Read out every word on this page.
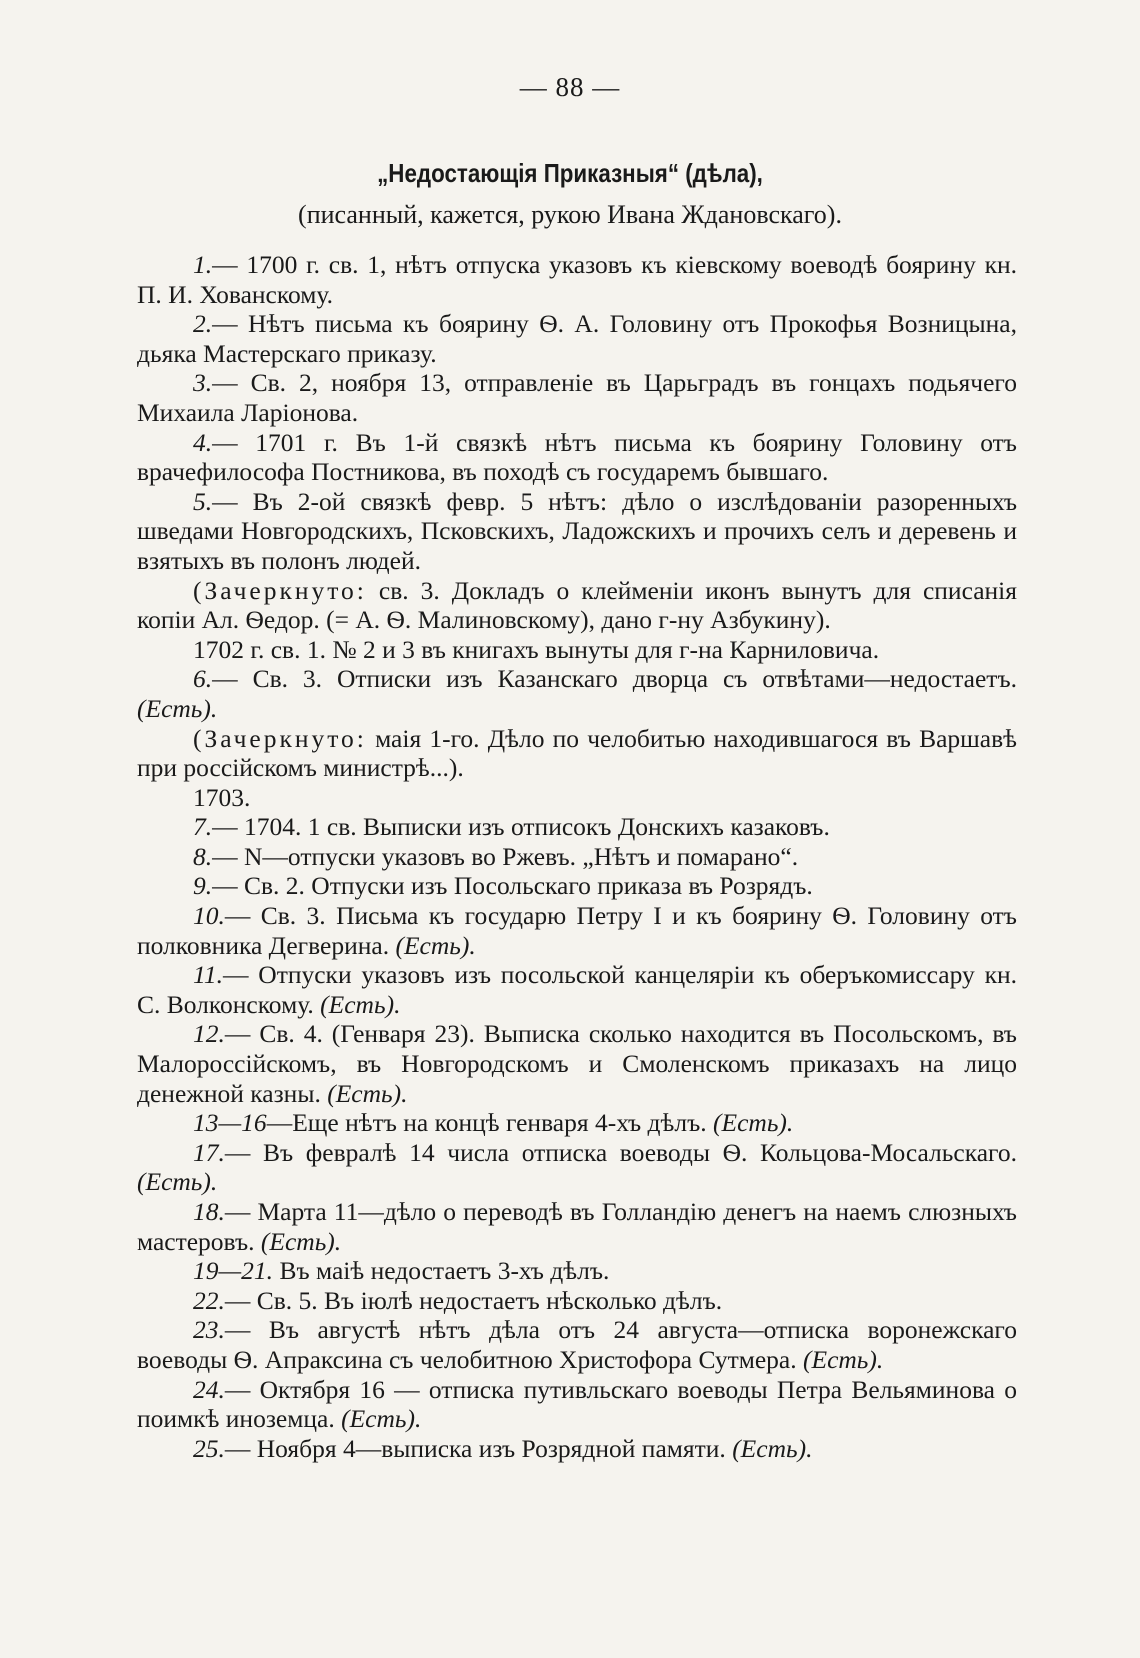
— 88 —
„Недостающія Приказныя“ (дѣла),
(писанный, кажется, рукою Ивана Ждановскаго).

1.— 1700 г. св. 1, нѣтъ отпуска указовъ къ кіевскому воеводѣ боярину кн. П. И. Хованскому.

2.— Нѣтъ письма къ боярину Ѳ. А. Головину отъ Прокофья Возницына, дьяка Мастерскаго приказу.

3.— Св. 2, ноября 13, отправленіе въ Царьградъ въ гонцахъ подьячего Михаила Ларіонова.

4.— 1701 г. Въ 1-й связкѣ нѣтъ письма къ боярину Головину отъ врачефилософа Постникова, въ походѣ съ государемъ бывшаго.

5.— Въ 2-ой связкѣ февр. 5 нѣтъ: дѣло о изслѣдованіи разоренныхъ шведами Новгородскихъ, Псковскихъ, Ладожскихъ и прочихъ селъ и деревень и взятыхъ въ полонъ людей.

(Зачеркнуто: св. 3. Докладъ о клейменіи иконъ вынутъ для списанія копіи Ал. Ѳедор. (= А. Ѳ. Малиновскому), дано г-ну Азбукину).

1702 г. св. 1. № 2 и 3 въ книгахъ вынуты для г-на Карниловича.

6.— Св. 3. Отписки изъ Казанскаго дворца съ отвѣтами—недостаетъ. (Есть).

(Зачеркнуто: маія 1-го. Дѣло по челобитью находившагося въ Варшавѣ при россійскомъ министрѣ...).

1703.

7.— 1704. 1 св. Выписки изъ отписокъ Донскихъ казаковъ.

8.— N—отпуски указовъ во Ржевъ. „Нѣтъ и помарано“.

9.— Св. 2. Отпуски изъ Посольскаго приказа въ Розрядъ.

10.— Св. 3. Письма къ государю Петру I и къ боярину Ѳ. Головину отъ полковника Дегверина. (Есть).

11.— Отпуски указовъ изъ посольской канцеляріи къ оберъкомиссару кн. С. Волконскому. (Есть).

12.— Св. 4. (Генваря 23). Выписка сколько находится въ Посольскомъ, въ Малороссійскомъ, въ Новгородскомъ и Смоленскомъ приказахъ на лицо денежной казны. (Есть).

13—16—Еще нѣтъ на концѣ генваря 4-хъ дѣлъ. (Есть).

17.— Въ февралѣ 14 числа отписка воеводы Ѳ. Кольцова-Мосальскаго. (Есть).

18.— Марта 11—дѣло о переводѣ въ Голландію денегъ на наемъ слюзныхъ мастеровъ. (Есть).

19—21. Въ маіѣ недостаетъ 3-хъ дѣлъ.

22.— Св. 5. Въ іюлѣ недостаетъ нѣсколько дѣлъ.

23.— Въ августѣ нѣтъ дѣла отъ 24 августа—отписка воронежскаго воеводы Ѳ. Апраксина съ челобитною Христофора Сутмера. (Есть).

24.— Октября 16 — отписка путивльскаго воеводы Петра Вельяминова о поимкѣ иноземца. (Есть).

25.— Ноября 4—выписка изъ Розрядной памяти. (Есть).
